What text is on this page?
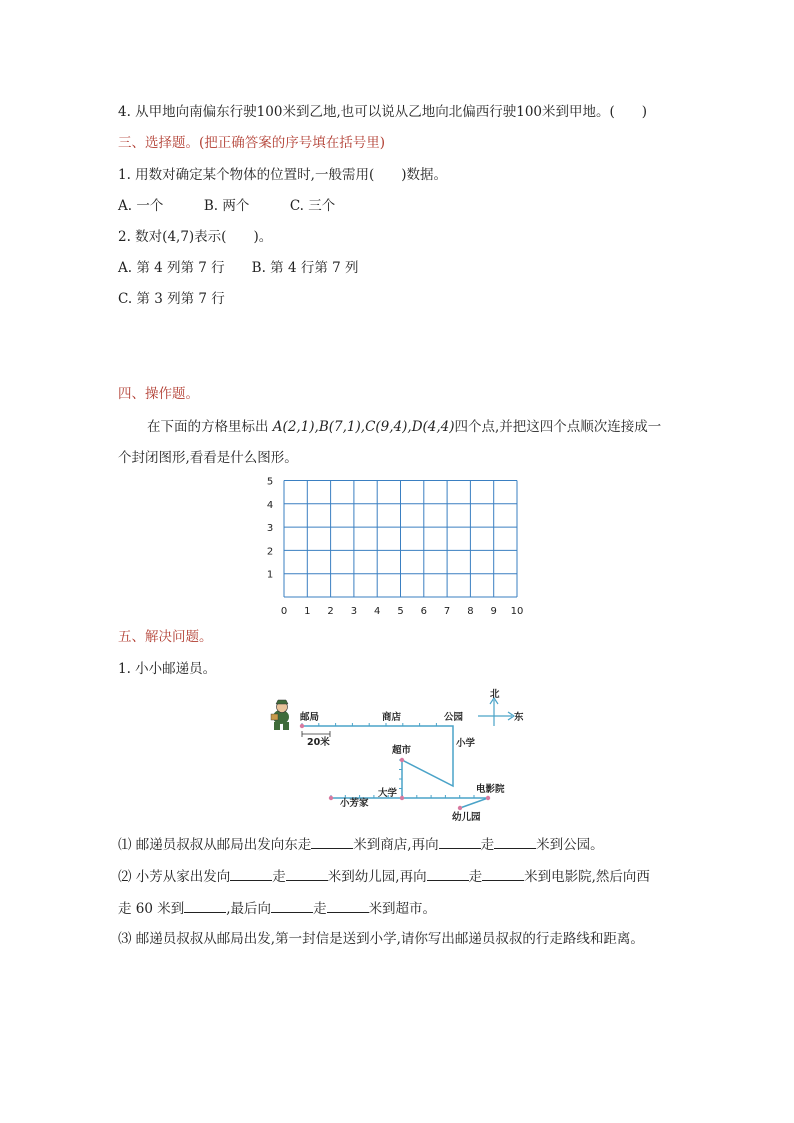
4. 从甲地向南偏东行驶100米到乙地,也可以说从乙地向北偏西行驶100米到甲地。(　　)
三、选择题。(把正确答案的序号填在括号里)
1. 用数对确定某个物体的位置时,一般需用(　　)数据。
A. 一个　　　B. 两个　　　C. 三个
2. 数对(4,7)表示(　　)。
A. 第 4 列第 7 行　　B. 第 4 行第 7 列
C. 第 3 列第 7 行
四、操作题。
在下面的方格里标出 A(2,1),B(7,1),C(9,4),D(4,4)四个点,并把这四个点顺次连接成一
个封闭图形,看看是什么图形。
0 1 2 3 4 5 6 7 8 9 10
1
2
3
4
5
五、解决问题。
1. 小小邮递员。
邮局	商店	公园
北
东
20米
超市
小学
大学	电影院
小芳家
幼儿园
⑴ 邮递员叔叔从邮局出发向东走	米到商店,再向	走	米到公园。
⑵ 小芳从家出发向	走	米到幼儿园,再向	走	米到电影院,然后向西
走 60 米到	,最后向	走	米到超市。
⑶ 邮递员叔叔从邮局出发,第一封信是送到小学,请你写出邮递员叔叔的行走路线和距离。
